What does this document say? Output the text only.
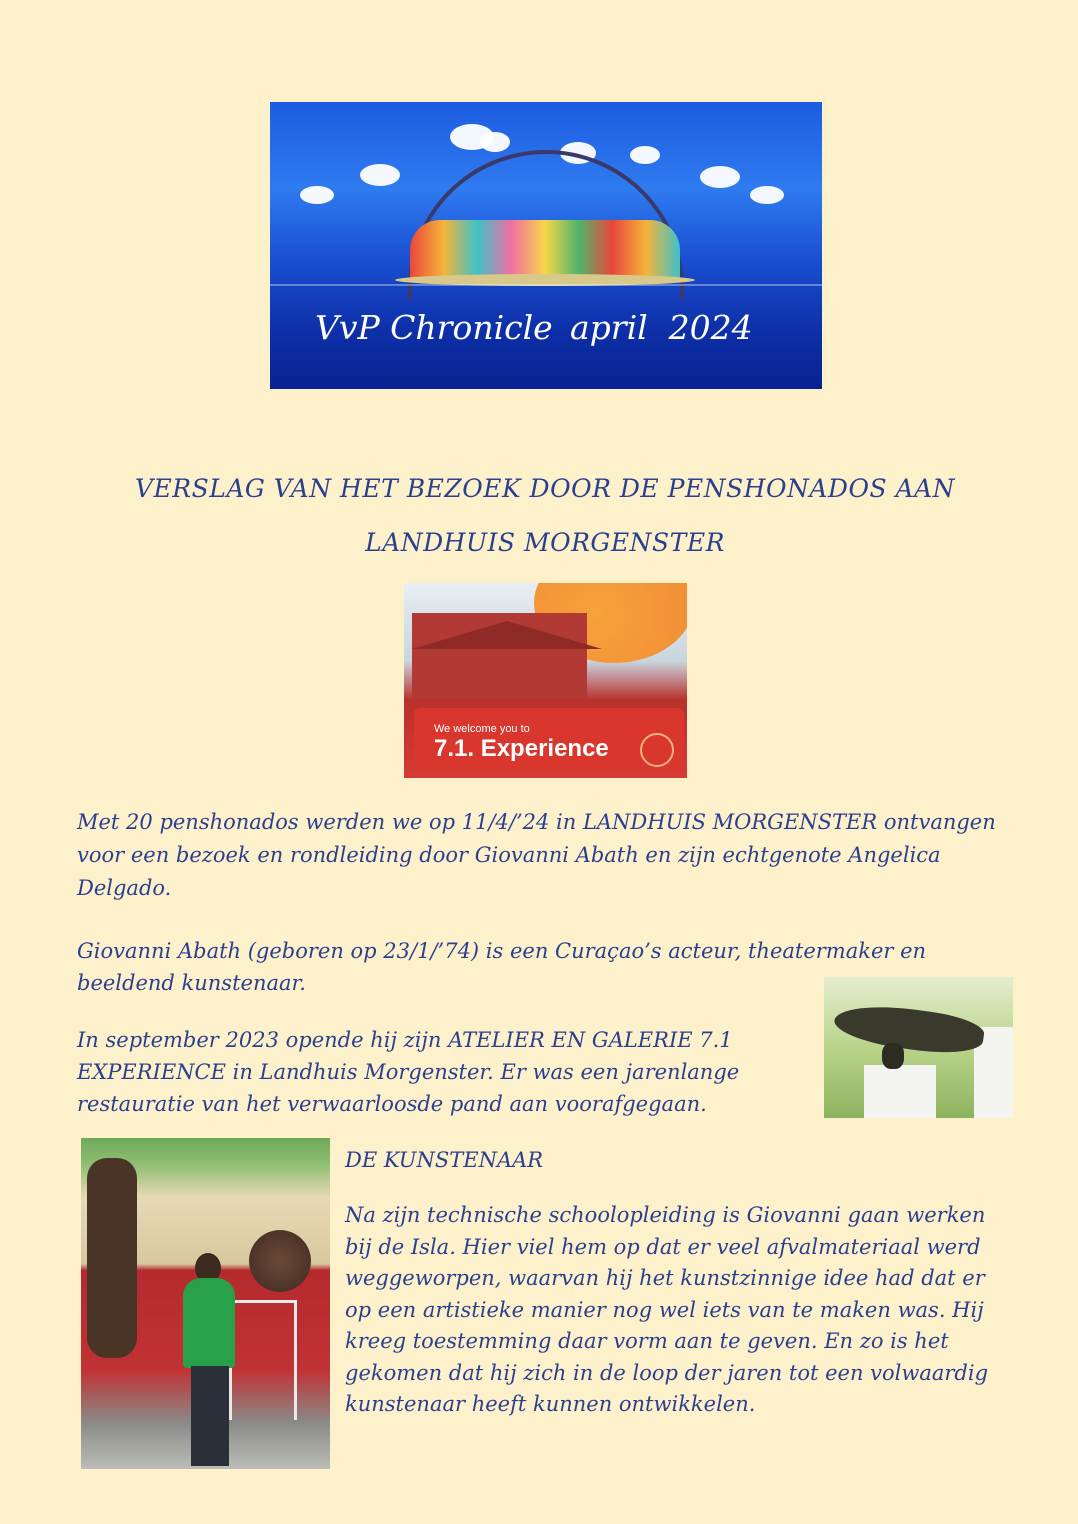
VvP Chronicle april  2024
VERSLAG VAN HET BEZOEK DOOR DE PENSHONADOS AAN
LANDHUIS MORGENSTER
We welcome you to
7.1. Experience

Met 20 penshonados werden we op 11/4/’24 in LANDHUIS MORGENSTER ontvangen voor een bezoek en rondleiding door Giovanni Abath en zijn echtgenote Angelica Delgado.

Giovanni Abath (geboren op 23/1/’74) is een Curaçao’s acteur, theatermaker en beeldend kunstenaar.

In september 2023 opende hij zijn ATELIER EN GALERIE 7.1 EXPERIENCE in Landhuis Morgenster. Er was een jarenlange restauratie van het verwaarloosde pand aan voorafgegaan.

DE KUNSTENAAR

Na zijn technische schoolopleiding is Giovanni gaan werken bij de Isla. Hier viel hem op dat er veel afvalmateriaal werd weggeworpen, waarvan hij het kunstzinnige idee had dat er op een artistieke manier nog wel iets van te maken was. Hij kreeg toestemming daar vorm aan te geven. En zo is het gekomen dat hij zich in de loop der jaren tot een volwaardig kunstenaar heeft kunnen ontwikkelen.
